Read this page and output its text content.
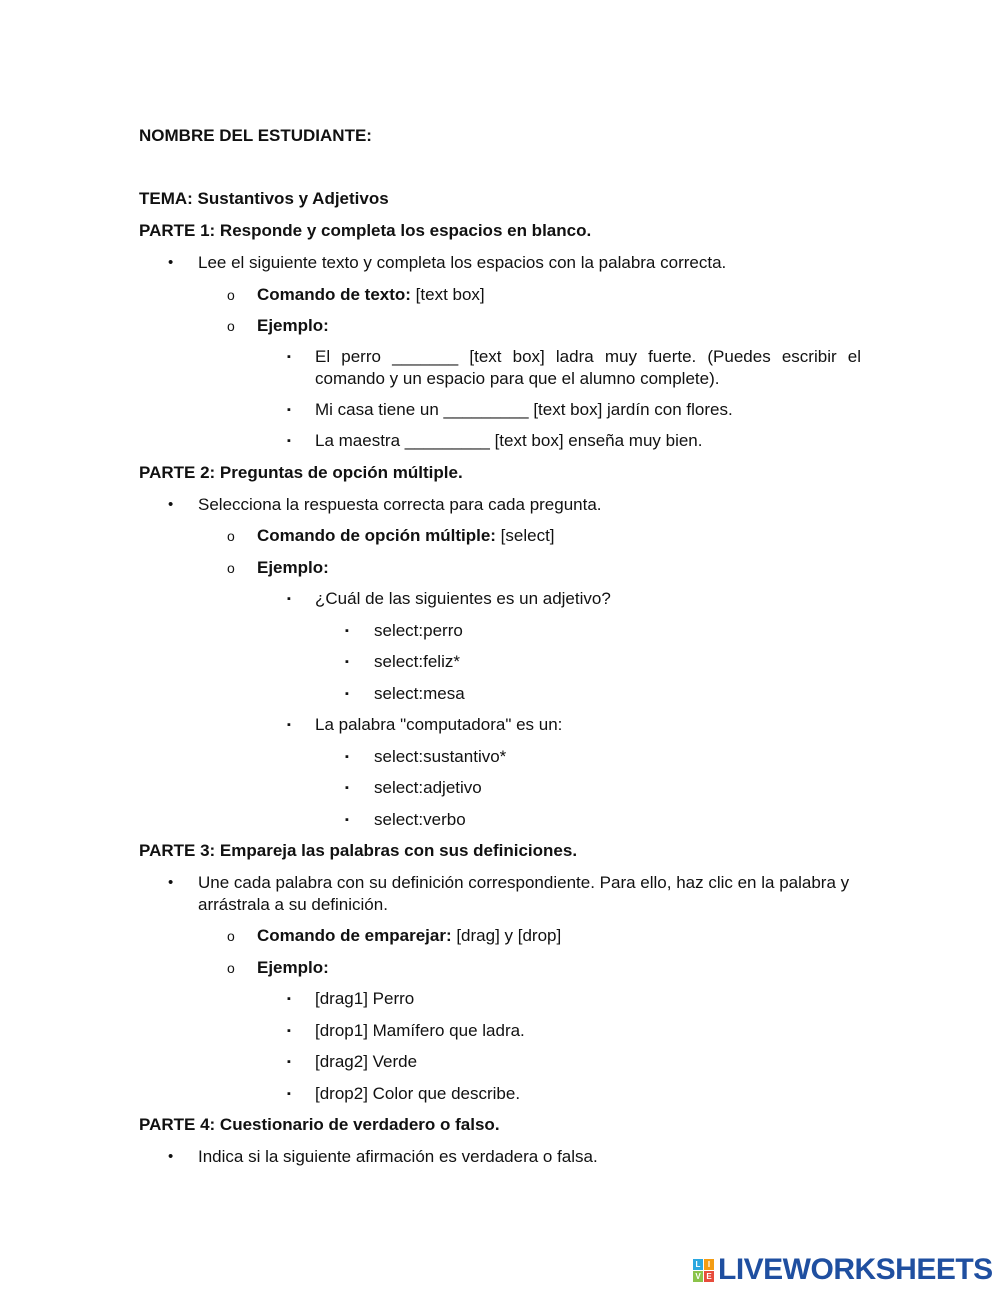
NOMBRE DEL ESTUDIANTE:
TEMA: Sustantivos y Adjetivos
PARTE 1: Responde y completa los espacios en blanco.
• Lee el siguiente texto y completa los espacios con la palabra correcta.
o Comando de texto: [text box]
o Ejemplo:
▪ El perro _______ [text box] ladra muy fuerte. (Puedes escribir el comando y un espacio para que el alumno complete).
▪ Mi casa tiene un _________ [text box] jardín con flores.
▪ La maestra _________ [text box] enseña muy bien.
PARTE 2: Preguntas de opción múltiple.
• Selecciona la respuesta correcta para cada pregunta.
o Comando de opción múltiple: [select]
o Ejemplo:
▪ ¿Cuál de las siguientes es un adjetivo?
▪ select:perro
▪ select:feliz*
▪ select:mesa
▪ La palabra "computadora" es un:
▪ select:sustantivo*
▪ select:adjetivo
▪ select:verbo
PARTE 3: Empareja las palabras con sus definiciones.
• Une cada palabra con su definición correspondiente. Para ello, haz clic en la palabra y arrástrala a su definición.
o Comando de emparejar: [drag] y [drop]
o Ejemplo:
▪ [drag1] Perro
▪ [drop1] Mamífero que ladra.
▪ [drag2] Verde
▪ [drop2] Color que describe.
PARTE 4: Cuestionario de verdadero o falso.
• Indica si la siguiente afirmación es verdadera o falsa.
L I
V E LIVEWORKSHEETS
